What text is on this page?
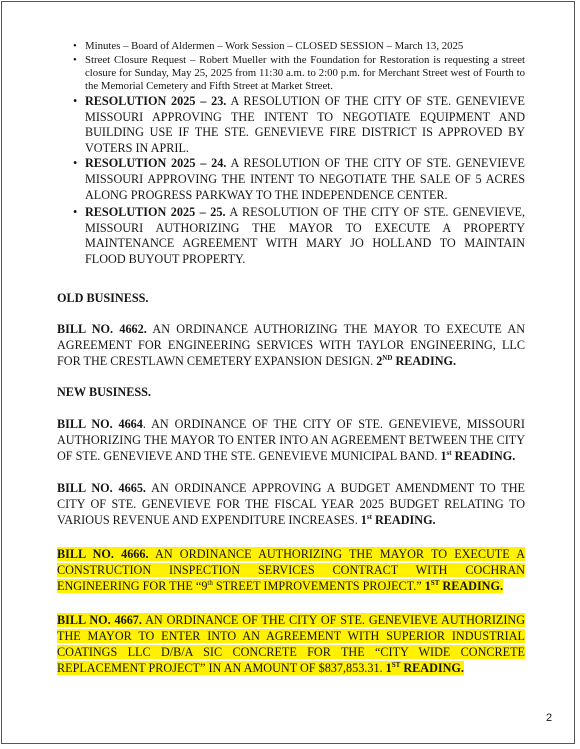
• Minutes – Board of Aldermen – Work Session – CLOSED SESSION – March 13, 2025
• Street Closure Request – Robert Mueller with the Foundation for Restoration is requesting a street closure for Sunday, May 25, 2025 from 11:30 a.m. to 2:00 p.m. for Merchant Street west of Fourth to the Memorial Cemetery and Fifth Street at Market Street.
• RESOLUTION 2025 – 23. A RESOLUTION OF THE CITY OF STE. GENEVIEVE MISSOURI APPROVING THE INTENT TO NEGOTIATE EQUIPMENT AND BUILDING USE IF THE STE. GENEVIEVE FIRE DISTRICT IS APPROVED BY VOTERS IN APRIL.
• RESOLUTION 2025 – 24. A RESOLUTION OF THE CITY OF STE. GENEVIEVE MISSOURI APPROVING THE INTENT TO NEGOTIATE THE SALE OF 5 ACRES ALONG PROGRESS PARKWAY TO THE INDEPENDENCE CENTER.
• RESOLUTION 2025 – 25. A RESOLUTION OF THE CITY OF STE. GENEVIEVE, MISSOURI AUTHORIZING THE MAYOR TO EXECUTE A PROPERTY MAINTENANCE AGREEMENT WITH MARY JO HOLLAND TO MAINTAIN FLOOD BUYOUT PROPERTY.

OLD BUSINESS.

BILL NO. 4662. AN ORDINANCE AUTHORIZING THE MAYOR TO EXECUTE AN AGREEMENT FOR ENGINEERING SERVICES WITH TAYLOR ENGINEERING, LLC FOR THE CRESTLAWN CEMETERY EXPANSION DESIGN. 2ND READING.

NEW BUSINESS.

BILL NO. 4664. AN ORDINANCE OF THE CITY OF STE. GENEVIEVE, MISSOURI AUTHORIZING THE MAYOR TO ENTER INTO AN AGREEMENT BETWEEN THE CITY OF STE. GENEVIEVE AND THE STE. GENEVIEVE MUNICIPAL BAND. 1st READING.

BILL NO. 4665. AN ORDINANCE APPROVING A BUDGET AMENDMENT TO THE CITY OF STE. GENEVIEVE FOR THE FISCAL YEAR 2025 BUDGET RELATING TO VARIOUS REVENUE AND EXPENDITURE INCREASES. 1st READING.

BILL NO. 4666. AN ORDINANCE AUTHORIZING THE MAYOR TO EXECUTE A CONSTRUCTION INSPECTION SERVICES CONTRACT WITH COCHRAN ENGINEERING FOR THE “9th STREET IMPROVEMENTS PROJECT.” 1ST READING.

BILL NO. 4667. AN ORDINANCE OF THE CITY OF STE. GENEVIEVE AUTHORIZING THE MAYOR TO ENTER INTO AN AGREEMENT WITH SUPERIOR INDUSTRIAL COATINGS LLC D/B/A SIC CONCRETE FOR THE “CITY WIDE CONCRETE REPLACEMENT PROJECT” IN AN AMOUNT OF $837,853.31. 1ST READING.

2
